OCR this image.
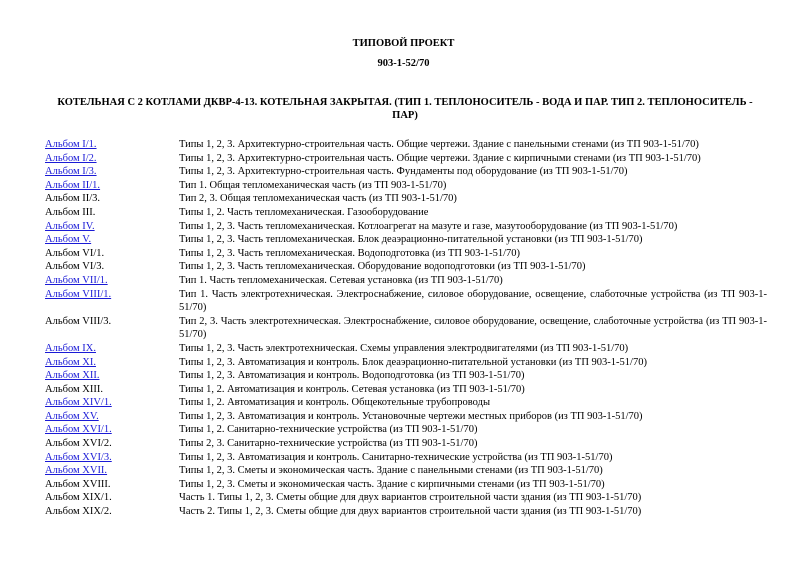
ТИПОВОЙ ПРОЕКТ
903-1-52/70
КОТЕЛЬНАЯ С 2 КОТЛАМИ ДКВР-4-13. КОТЕЛЬНАЯ ЗАКРЫТАЯ. (ТИП 1. ТЕПЛОНОСИТЕЛЬ - ВОДА И ПАР. ТИП 2. ТЕПЛОНОСИТЕЛЬ - ПАР)
Альбом I/1.	Типы 1, 2, 3. Архитектурно-строительная часть. Общие чертежи. Здание с панельными стенами (из ТП 903-1-51/70)
Альбом I/2.	Типы 1, 2, 3. Архитектурно-строительная часть. Общие чертежи. Здание с кирпичными стенами (из ТП 903-1-51/70)
Альбом I/3.	Типы 1, 2, 3. Архитектурно-строительная часть. Фундаменты под оборудование (из ТП 903-1-51/70)
Альбом II/1.	Тип 1. Общая тепломеханическая часть (из ТП 903-1-51/70)
Альбом II/3.	Тип 2, 3. Общая тепломеханическая часть (из ТП 903-1-51/70)
Альбом III.	Типы 1, 2. Часть тепломеханическая. Газооборудование
Альбом IV.	Типы 1, 2, 3. Часть тепломеханическая. Котлоагрегат на мазуте и газе, мазутооборудование (из ТП 903-1-51/70)
Альбом V.	Типы 1, 2, 3. Часть тепломеханическая. Блок деаэрационно-питательной установки (из ТП 903-1-51/70)
Альбом VI/1.	Типы 1, 2, 3. Часть тепломеханическая. Водоподготовка (из ТП 903-1-51/70)
Альбом VI/3.	Типы 1, 2, 3. Часть тепломеханическая. Оборудование водоподготовки (из ТП 903-1-51/70)
Альбом VII/1.	Тип 1. Часть тепломеханическая. Сетевая установка (из ТП 903-1-51/70)
Альбом VIII/1.	Тип 1. Часть электротехническая. Электроснабжение, силовое оборудование, освещение, слаботочные устройства (из ТП 903-1-51/70)
Альбом VIII/3.	Тип 2, 3. Часть электротехническая. Электроснабжение, силовое оборудование, освещение, слаботочные устройства (из ТП 903-1-51/70)
Альбом IX.	Типы 1, 2, 3. Часть электротехническая. Схемы управления электродвигателями (из ТП 903-1-51/70)
Альбом XI.	Типы 1, 2, 3. Автоматизация и контроль. Блок деаэрационно-питательной установки (из ТП 903-1-51/70)
Альбом XII.	Типы 1, 2, 3. Автоматизация и контроль. Водоподготовка (из ТП 903-1-51/70)
Альбом XIII.	Типы 1, 2. Автоматизация и контроль. Сетевая установка (из ТП 903-1-51/70)
Альбом XIV/1.	Типы 1, 2. Автоматизация и контроль. Общекотельные трубопроводы
Альбом XV.	Типы 1, 2, 3. Автоматизация и контроль. Установочные чертежи местных приборов (из ТП 903-1-51/70)
Альбом XVI/1.	Типы 1, 2. Санитарно-технические устройства (из ТП 903-1-51/70)
Альбом XVI/2.	Типы 2, 3. Санитарно-технические устройства (из ТП 903-1-51/70)
Альбом XVI/3.	Типы 1, 2, 3. Автоматизация и контроль. Санитарно-технические устройства (из ТП 903-1-51/70)
Альбом XVII.	Типы 1, 2, 3. Сметы и экономическая часть. Здание с панельными стенами (из ТП 903-1-51/70)
Альбом XVIII.	Типы 1, 2, 3. Сметы и экономическая часть. Здание с кирпичными стенами (из ТП 903-1-51/70)
Альбом XIX/1.	Часть 1. Типы 1, 2, 3. Сметы общие для двух вариантов строительной части здания (из ТП 903-1-51/70)
Альбом XIX/2.	Часть 2. Типы 1, 2, 3. Сметы общие для двух вариантов строительной части здания (из ТП 903-1-51/70)
